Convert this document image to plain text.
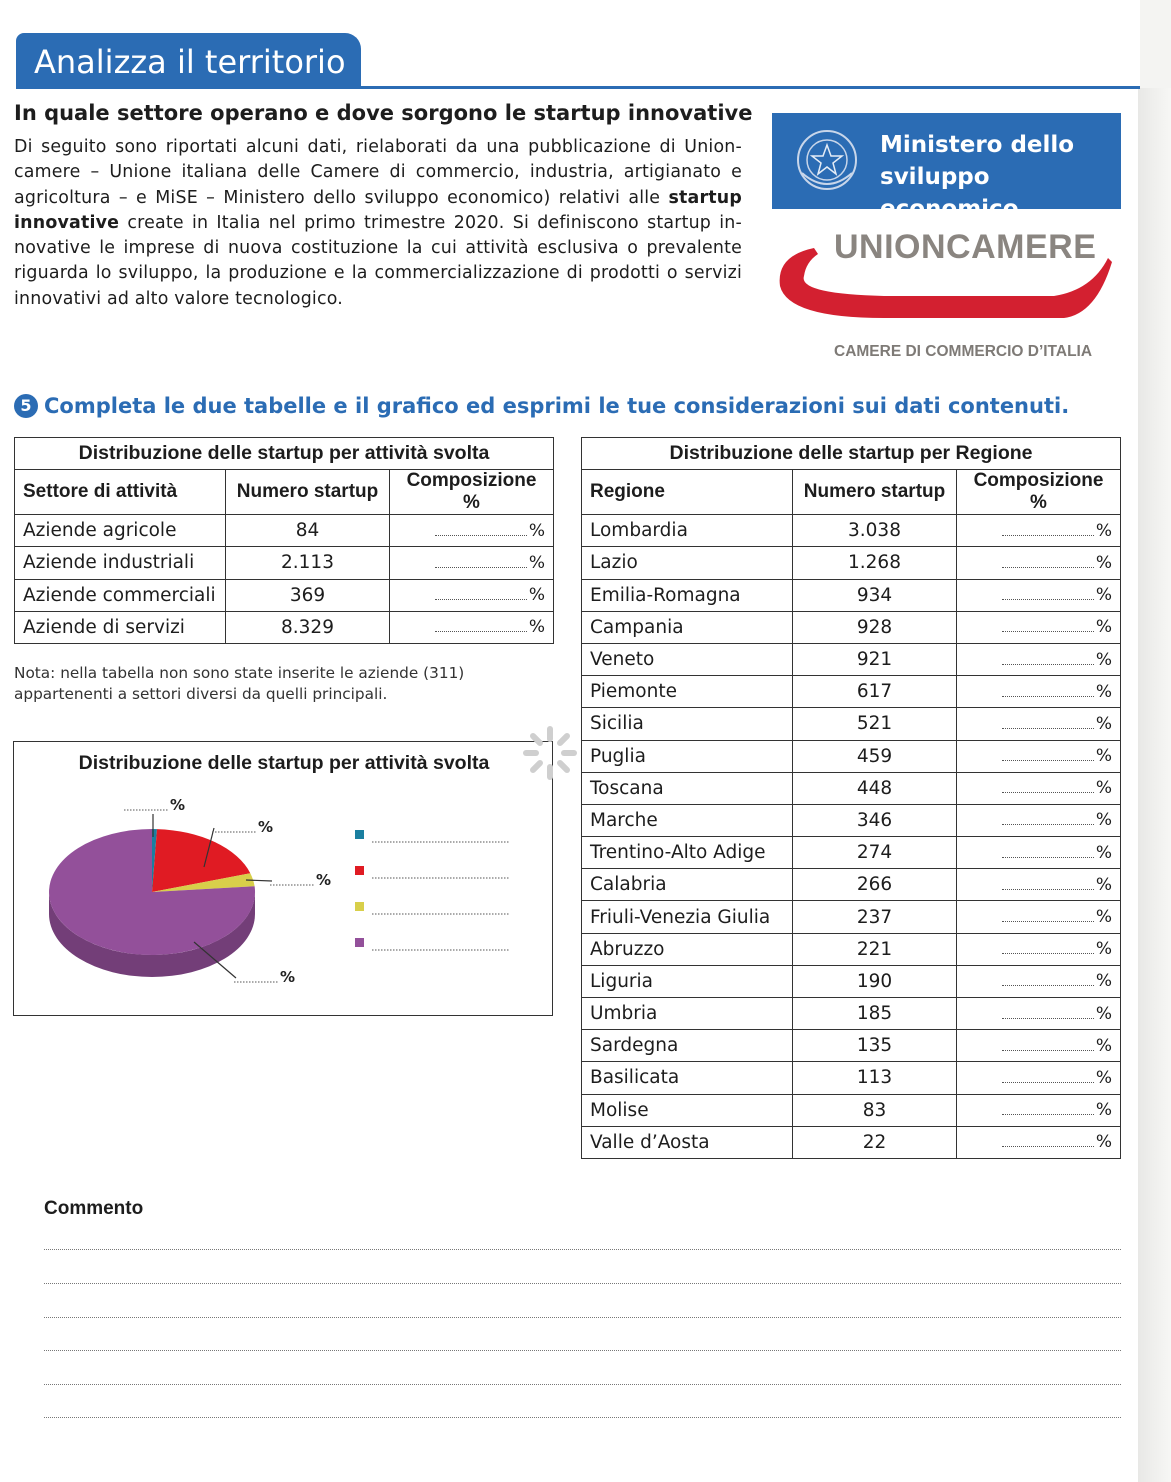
Analizza il territorio
In quale settore operano e dove sorgono le startup innovative
Di seguito sono riportati alcuni dati, rielaborati da una pubblicazione di Union- camere – Unione italiana delle Camere di commercio, industria, artigianato e agricoltura – e MiSE – Ministero dello sviluppo economico) relativi alle startup innovative create in Italia nel primo trimestre 2020. Si definiscono startup in- novative le imprese di nuova costituzione la cui attività esclusiva o prevalente riguarda lo sviluppo, la produzione e la commercializzazione di prodotti o servizi innovativi ad alto valore tecnologico.
Ministero dello
sviluppo economico
UNIONCAMERE
CAMERE DI COMMERCIO D’ITALIA
5 Completa le due tabelle e il grafico ed esprimi le tue considerazioni sui dati contenuti.
Distribuzione delle startup per attività svolta		
Settore di attività	Numero startup	Composizione %
Aziende agricole	84	%
Aziende industriali	2.113	%
Aziende commerciali	369	%
Aziende di servizi	8.329	%
Nota: nella tabella non sono state inserite le aziende (311)
appartenenti a settori diversi da quelli principali.
Distribuzione delle startup per attività svolta
%
%
%
%
Distribuzione delle startup per Regione		
Regione	Numero startup	Composizione %
Lombardia	3.038	%
Lazio	1.268	%
Emilia-Romagna	934	%
Campania	928	%
Veneto	921	%
Piemonte	617	%
Sicilia	521	%
Puglia	459	%
Toscana	448	%
Marche	346	%
Trentino-Alto Adige	274	%
Calabria	266	%
Friuli-Venezia Giulia	237	%
Abruzzo	221	%
Liguria	190	%
Umbria	185	%
Sardegna	135	%
Basilicata	113	%
Molise	83	%
Valle d’Aosta	22	%
Commento
